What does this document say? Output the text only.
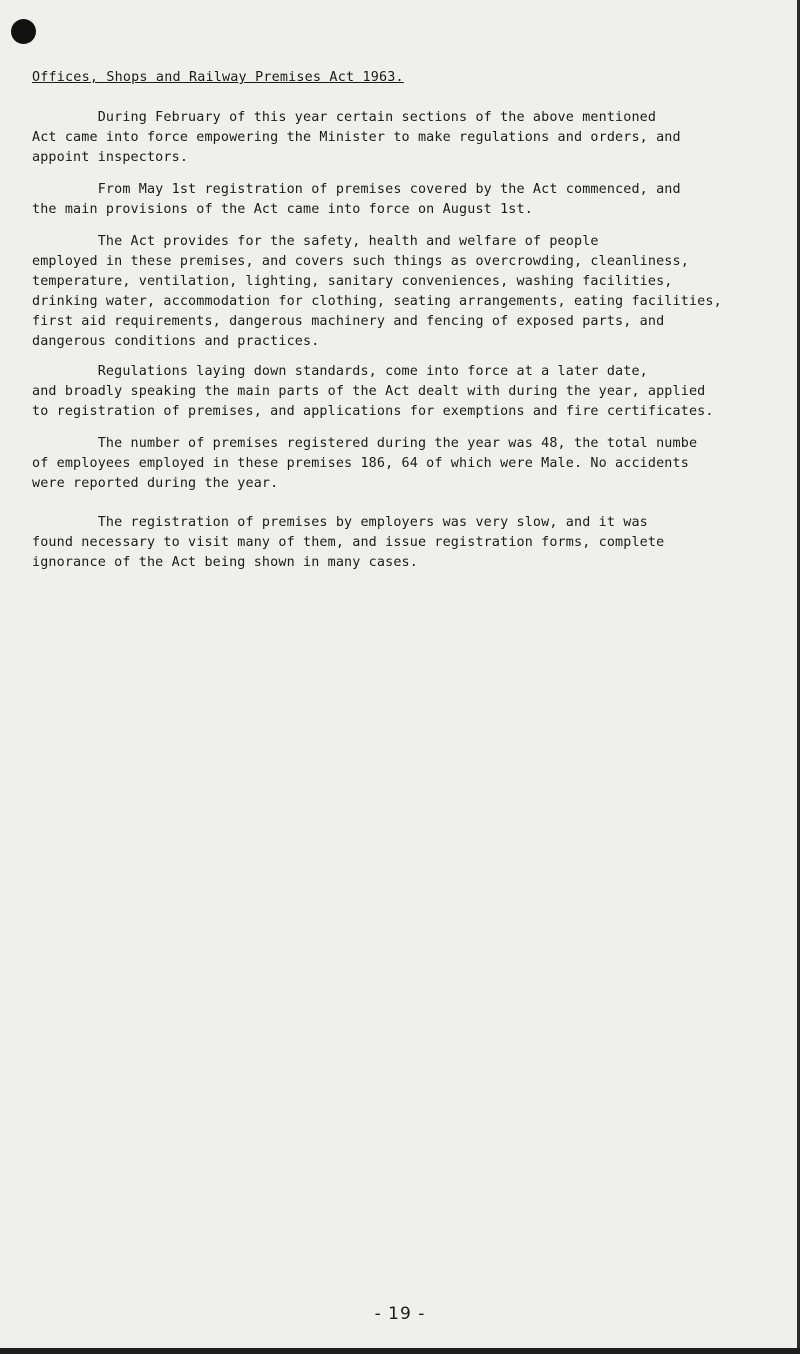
Offices, Shops and Railway Premises Act 1963.
During February of this year certain sections of the above mentioned
Act came into force empowering the Minister to make regulations and orders, and
appoint inspectors.
From May 1st registration of premises covered by the Act commenced, and
the main provisions of the Act came into force on August 1st.
The Act provides for the safety, health and welfare of people
employed in these premises, and covers such things as overcrowding, cleanliness,
temperature, ventilation, lighting, sanitary conveniences, washing facilities,
drinking water, accommodation for clothing, seating arrangements, eating facilities,
first aid requirements, dangerous machinery and fencing of exposed parts, and
dangerous conditions and practices.
Regulations laying down standards, come into force at a later date,
and broadly speaking the main parts of the Act dealt with during the year, applied
to registration of premises, and applications for exemptions and fire certificates.
The number of premises registered during the year was 48, the total numbe
of employees employed in these premises 186, 64 of which were Male. No accidents
were reported during the year.
The registration of premises by employers was very slow, and it was
found necessary to visit many of them, and issue registration forms, complete
ignorance of the Act being shown in many cases.
- 19 -
